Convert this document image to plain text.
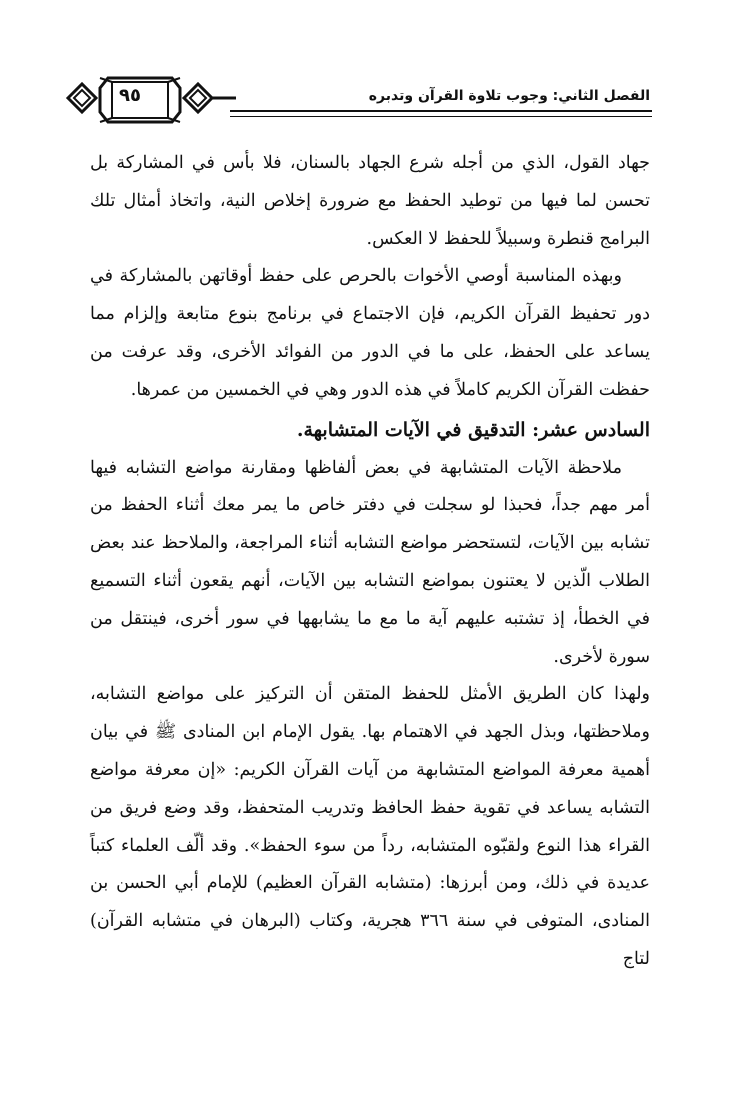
٩٥	الفصل الثاني: وجوب تلاوة القرآن وتدبره

جهاد القول، الذي من أجله شرع الجهاد بالسنان، فلا بأس في المشاركة بل تحسن لما فيها من توطيد الحفظ مع ضرورة إخلاص النية، واتخاذ أمثال تلك البرامج قنطرة وسبيلاً للحفظ لا العكس.

وبهذه المناسبة أوصي الأخوات بالحرص على حفظ أوقاتهن بالمشاركة في دور تحفيظ القرآن الكريم، فإن الاجتماع في برنامج بنوع متابعة وإلزام مما يساعد على الحفظ، على ما في الدور من الفوائد الأخرى، وقد عرفت من حفظت القرآن الكريم كاملاً في هذه الدور وهي في الخمسين من عمرها.

السادس عشر: التدقيق في الآيات المتشابهة.

ملاحظة الآيات المتشابهة في بعض ألفاظها ومقارنة مواضع التشابه فيها أمر مهم جداً، فحبذا لو سجلت في دفتر خاص ما يمر معك أثناء الحفظ من تشابه بين الآيات، لتستحضر مواضع التشابه أثناء المراجعة، والملاحظ عند بعض الطلاب الّذين لا يعتنون بمواضع التشابه بين الآيات، أنهم يقعون أثناء التسميع في الخطأ، إذ تشتبه عليهم آية ما مع ما يشابهها في سور أخرى، فينتقل من سورة لأخرى.

ولهذا كان الطريق الأمثل للحفظ المتقن أن التركيز على مواضع التشابه، وملاحظتها، وبذل الجهد في الاهتمام بها. يقول الإمام ابن المنادى ﷺ في بيان أهمية معرفة المواضع المتشابهة من آيات القرآن الكريم: «إن معرفة مواضع التشابه يساعد في تقوية حفظ الحافظ وتدريب المتحفظ، وقد وضع فريق من القراء هذا النوع ولقبّوه المتشابه، رداً من سوء الحفظ». وقد ألّف العلماء كتباً عديدة في ذلك، ومن أبرزها: (متشابه القرآن العظيم) للإمام أبي الحسن بن المنادى، المتوفى في سنة ٣٦٦ هجرية، وكتاب (البرهان في متشابه القرآن) لتاج
